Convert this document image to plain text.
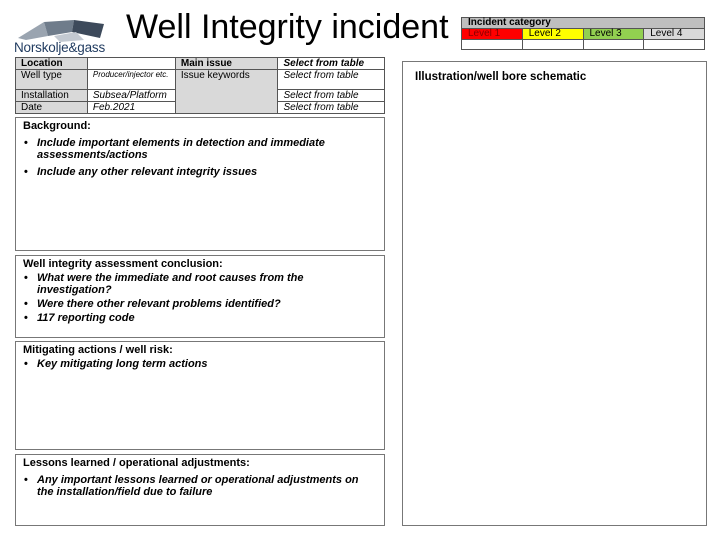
Norskolje&gass
Well Integrity incident Incident category			
Level 1	Level 2	Level 3	Level 4

Location		Main issue	Select from table
Well type	Producer/injector etc.	Issue keywords	Select from table
Installation	Subsea/Platform		Select from table
Date	Feb.2021		Select from table
Background:
• Include important elements in detection and immediate assessments/actions
• Include any other relevant integrity issues
Well integrity assessment conclusion:
• What were the immediate and root causes from the investigation?
• Were there other relevant problems identified?
• 117 reporting code
Mitigating actions / well risk:
• Key mitigating long term actions
Lessons learned / operational adjustments:
• Any important lessons learned or operational adjustments on the installation/field due to failure
Illustration/well bore schematic
